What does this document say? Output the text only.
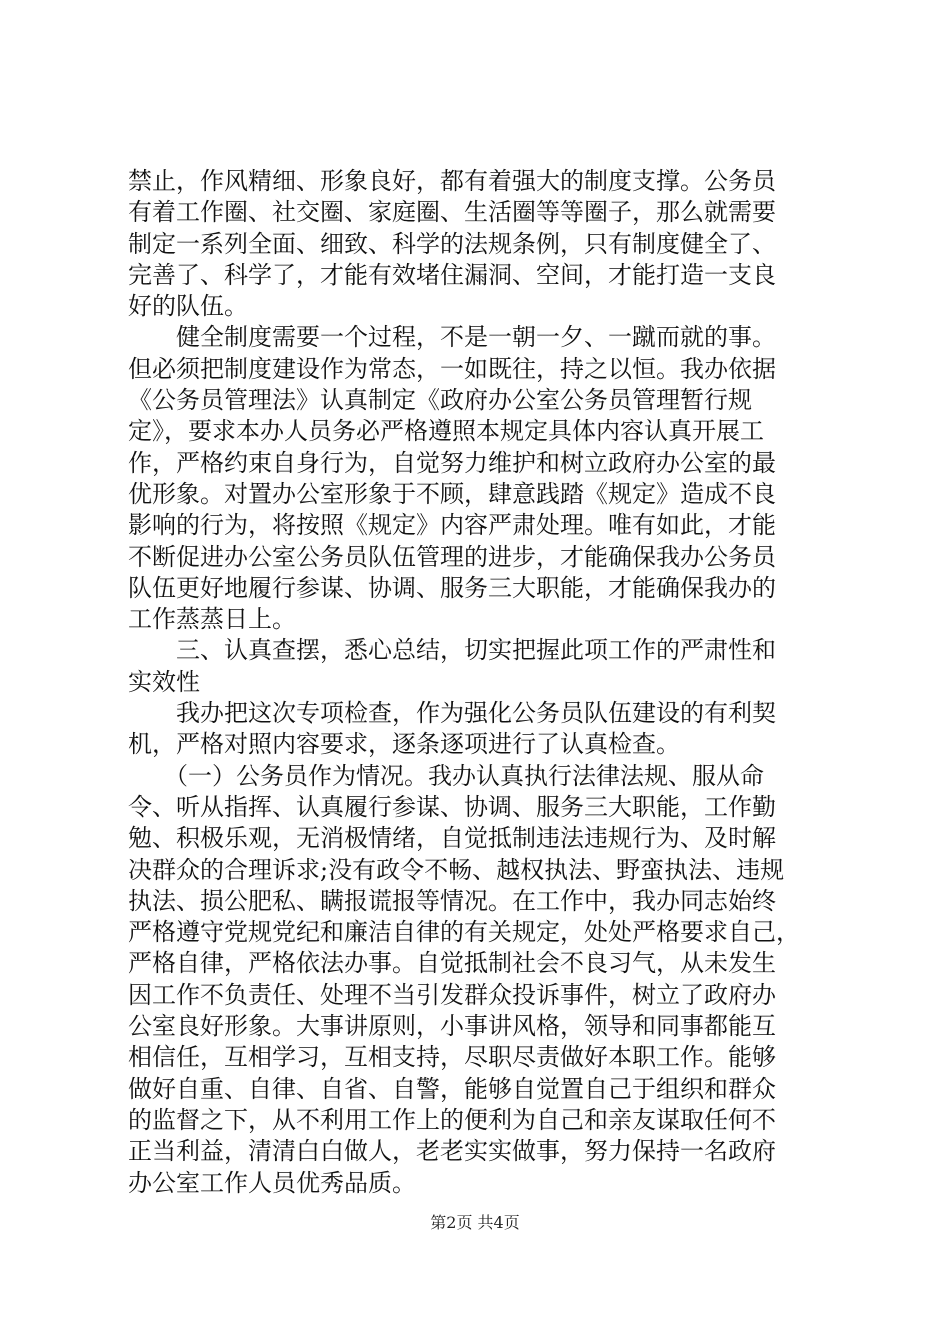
禁止，作风精细、形象良好，都有着强大的制度支撑。公务员
有着工作圈、社交圈、家庭圈、生活圈等等圈子，那么就需要
制定一系列全面、细致、科学的法规条例，只有制度健全了、
完善了、科学了，才能有效堵住漏洞、空间，才能打造一支良
好的队伍。
　　健全制度需要一个过程，不是一朝一夕、一蹴而就的事。
但必须把制度建设作为常态，一如既往，持之以恒。我办依据
《公务员管理法》认真制定《政府办公室公务员管理暂行规
定》，要求本办人员务必严格遵照本规定具体内容认真开展工
作，严格约束自身行为，自觉努力维护和树立政府办公室的最
优形象。对置办公室形象于不顾，肆意践踏《规定》造成不良
影响的行为，将按照《规定》内容严肃处理。唯有如此，才能
不断促进办公室公务员队伍管理的进步，才能确保我办公务员
队伍更好地履行参谋、协调、服务三大职能，才能确保我办的
工作蒸蒸日上。
　　三、认真查摆，悉心总结，切实把握此项工作的严肃性和
实效性
　　我办把这次专项检查，作为强化公务员队伍建设的有利契
机，严格对照内容要求，逐条逐项进行了认真检查。
　　（一）公务员作为情况。我办认真执行法律法规、服从命
令、听从指挥、认真履行参谋、协调、服务三大职能，工作勤
勉、积极乐观，无消极情绪，自觉抵制违法违规行为、及时解
决群众的合理诉求;没有政令不畅、越权执法、野蛮执法、违规
执法、损公肥私、瞒报谎报等情况。在工作中，我办同志始终
严格遵守党规党纪和廉洁自律的有关规定，处处严格要求自己，
严格自律，严格依法办事。自觉抵制社会不良习气，从未发生
因工作不负责任、处理不当引发群众投诉事件，树立了政府办
公室良好形象。大事讲原则，小事讲风格，领导和同事都能互
相信任，互相学习，互相支持，尽职尽责做好本职工作。能够
做好自重、自律、自省、自警，能够自觉置自己于组织和群众
的监督之下，从不利用工作上的便利为自己和亲友谋取任何不
正当利益，清清白白做人，老老实实做事，努力保持一名政府
办公室工作人员优秀品质。
第2页 共4页
